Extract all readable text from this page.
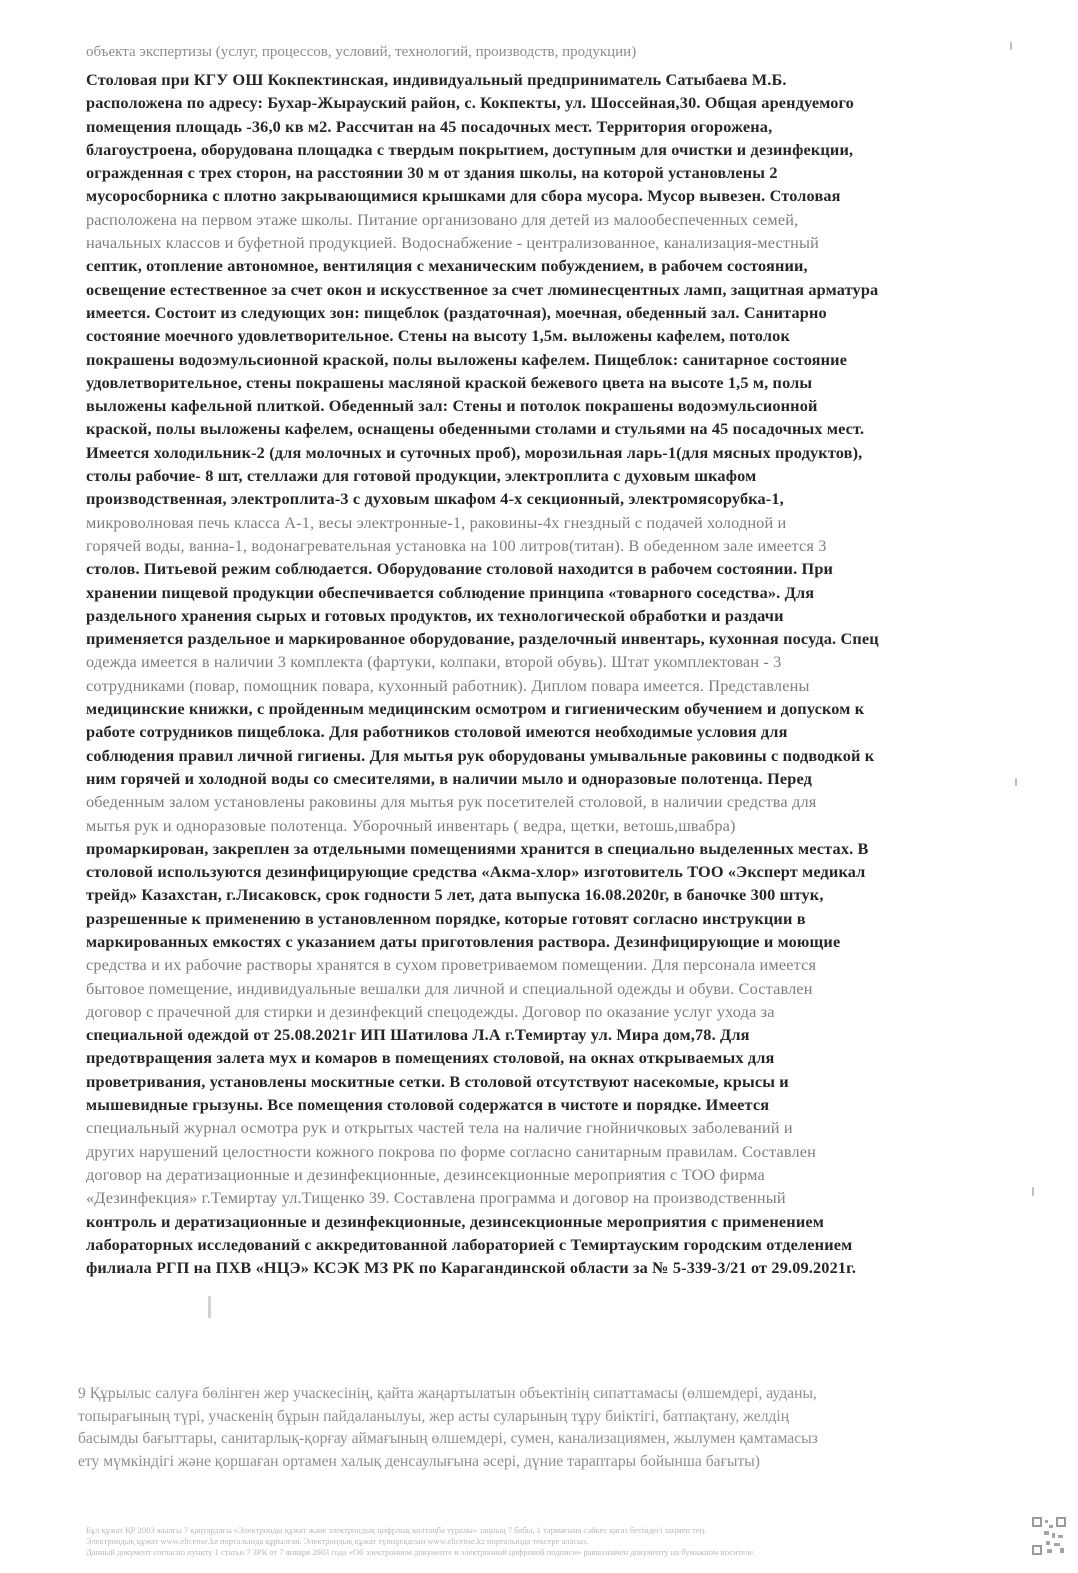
объекта экспертизы (услуг, процессов, условий, технологий, производств, продукции)
Столовая при КГУ ОШ Кокпектинская, индивидуальный предприниматель Сатыбаева М.Б.
расположена по адресу: Бухар-Жырауский район, с. Кокпекты, ул. Шоссейная,30. Общая арендуемого
помещения площадь -36,0 кв м2. Рассчитан на 45 посадочных мест. Территория огорожена,
благоустроена, оборудована площадка с твердым покрытием, доступным для очистки и дезинфекции,
огражденная с трех сторон, на расстоянии 30 м от здания школы, на которой установлены 2
мусоросборника с плотно закрывающимися крышками для сбора мусора. Мусор вывезен. Столовая
расположена на первом этаже школы. Питание организовано для детей из малообеспеченных семей,
начальных классов и буфетной продукцией. Водоснабжение - централизованное, канализация-местный
септик, отопление автономное, вентиляция с механическим побуждением, в рабочем состоянии,
освещение естественное за счет окон и искусственное за счет люминесцентных ламп, защитная арматура
имеется. Состоит из следующих зон: пищеблок (раздаточная), моечная, обеденный зал. Санитарно
состояние моечного удовлетворительное. Стены на высоту 1,5м. выложены кафелем, потолок
покрашены водоэмульсионной краской, полы выложены кафелем. Пищеблок: санитарное состояние
удовлетворительное, стены покрашены масляной краской бежевого цвета на высоте 1,5 м, полы
выложены кафельной плиткой. Обеденный зал: Стены и потолок покрашены водоэмульсионной
краской, полы выложены кафелем, оснащены обеденными столами и стульями на 45 посадочных мест.
Имеется холодильник-2 (для молочных и суточных проб), морозильная ларь-1(для мясных продуктов),
столы рабочие- 8 шт, стеллажи для готовой продукции, электроплита с духовым шкафом
производственная, электроплита-3 с духовым шкафом 4-х секционный, электромясорубка-1,
микроволновая печь класса А-1, весы электронные-1, раковины-4х гнездный с подачей холодной и
горячей воды, ванна-1, водонагревательная установка на 100 литров(титан). В обеденном зале имеется 3
столов. Питьевой режим соблюдается. Оборудование столовой находится в рабочем состоянии. При
хранении пищевой продукции обеспечивается соблюдение принципа «товарного соседства». Для
раздельного хранения сырых и готовых продуктов, их технологической обработки и раздачи
применяется раздельное и маркированное оборудование, разделочный инвентарь, кухонная посуда. Спец
одежда имеется в наличии 3 комплекта (фартуки, колпаки, второй обувь). Штат укомплектован - 3
сотрудниками (повар, помощник повара, кухонный работник). Диплом повара имеется. Представлены
медицинские книжки, с пройденным медицинским осмотром и гигиеническим обучением и допуском к
работе сотрудников пищеблока. Для работников столовой имеются необходимые условия для
соблюдения правил личной гигиены. Для мытья рук оборудованы умывальные раковины с подводкой к
ним горячей и холодной воды со смесителями, в наличии мыло и одноразовые полотенца. Перед
обеденным залом установлены раковины для мытья рук посетителей столовой, в наличии средства для
мытья рук и одноразовые полотенца. Уборочный инвентарь ( ведра, щетки, ветошь,швабра)
промаркирован, закреплен за отдельными помещениями хранится в специально выделенных местах. В
столовой используются дезинфицирующие средства «Акма-хлор» изготовитель ТОО «Эксперт медикал
трейд» Казахстан, г.Лисаковск, срок годности 5 лет, дата выпуска 16.08.2020г, в баночке 300 штук,
разрешенные к применению в установленном порядке, которые готовят согласно инструкции в
маркированных емкостях с указанием даты приготовления раствора. Дезинфицирующие и моющие
средства и их рабочие растворы хранятся в сухом проветриваемом помещении. Для персонала имеется
бытовое помещение, индивидуальные вешалки для личной и специальной одежды и обуви. Составлен
договор с прачечной для стирки и дезинфекций спецодежды. Договор по оказание услуг ухода за
специальной одеждой от 25.08.2021г ИП Шатилова Л.А г.Темиртау ул. Мира дом,78. Для
предотвращения залета мух и комаров в помещениях столовой, на окнах открываемых для
проветривания, установлены москитные сетки. В столовой отсутствуют насекомые, крысы и
мышевидные грызуны. Все помещения столовой содержатся в чистоте и порядке. Имеется
специальный журнал осмотра рук и открытых частей тела на наличие гнойничковых заболеваний и
других нарушений целостности кожного покрова по форме согласно санитарным правилам. Составлен
договор на дератизационные и дезинфекционные, дезинсекционные мероприятия с ТОО фирма
«Дезинфекция» г.Темиртау ул.Тищенко 39. Составлена программа и договор на производственный
контроль и дератизационные и дезинфекционные, дезинсекционные мероприятия с применением
лабораторных исследований с аккредитованной лабораторией с Темиртауским городским отделением
филиала РГП на ПХВ «НЦЭ» КСЭК МЗ РК по Карагандинской области за № 5-339-3/21 от 29.09.2021г.
9 Құрылыс салуға бөлінген жер учаскесінің, қайта жаңартылатын объектінің сипаттамасы (өлшемдері, ауданы,
топырағының түрі, учаскенің бұрын пайдаланылуы, жер асты суларының тұру биіктігі, батпақтану, желдің
басымды бағыттары, санитарлық-қорғау аймағының өлшемдері, сумен, канализациямен, жылумен қамтамасыз
ету мүмкіндігі және қоршаған ортамен халық денсаулығына әсері, дүние тараптары бойынша бағыты)
Бұл құжат ҚР 2003 жылғы 7 қаңтардағы «Электронды құжат және электрондық цифрлық қолтаңба туралы» заңның 7 бабы, 1 тармағына сәйкес қағаз бетіндегі заңмен тең.
Электрондық құжат www.elicense.kz порталында құрылған. Электрондық құжат түпнұсқасын www.elicense.kz порталында тексере аласыз.
Данный документ согласно пункту 1 статьи 7 ЗРК от 7 января 2003 года «Об электронном документе и электронной цифровой подписи» равнозначен документу на бумажном носителе.
